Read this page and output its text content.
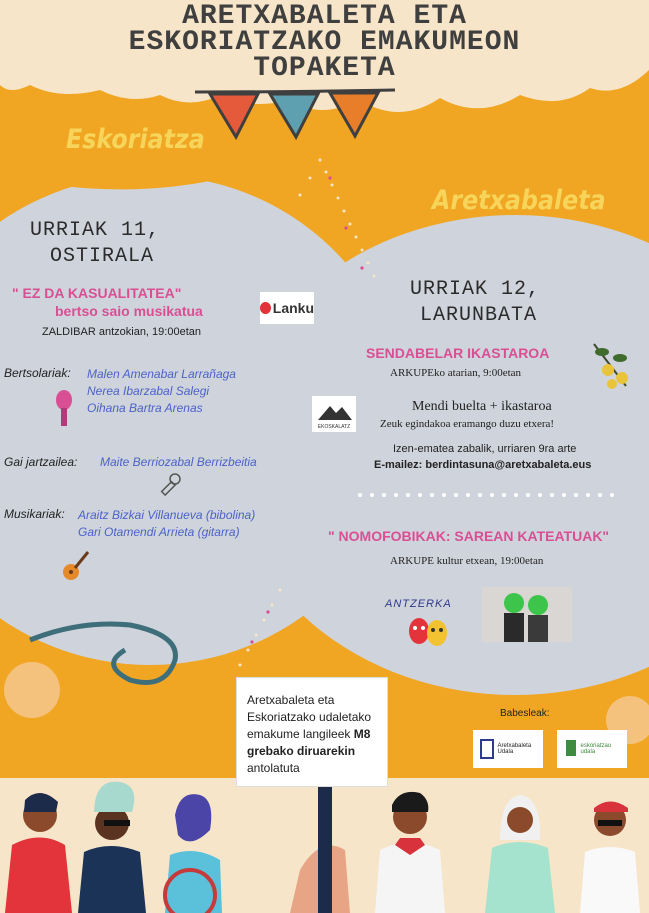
ARETXABALETA ETA
ESKORIATZAKO EMAKUMEON
TOPAKETA
Eskoriatza
Aretxabaleta
URRIAK 11,
OSTIRALA
" EZ DA KASUALITATEA"
bertso saio musikatua
ZALDIBAR antzokian, 19:00etan
Lanku
Bertsolariak: Malen Amenabar Larrañaga
Nerea Ibarzabal Salegi
Oihana Bartra Arenas
Gai jartzailea: Maite Berriozabal Berrizbeitia
Musikariak: Araitz Bizkai Villanueva (bibolina)
Gari Otamendi Arrieta (gitarra)
URRIAK 12,
LARUNBATA
SENDABELAR IKASTAROA
ARKUPEko atarian, 9:00etan
EKOSKALATZ
Mendi buelta + ikastaroa
Zeuk egindakoa eramango duzu etxera!
Izen-ematea zabalik, urriaren 9ra arte
E-mailez: berdintasuna@aretxabaleta.eus
" NOMOFOBIKAK: SAREAN KATEATUAK"
ARKUPE kultur etxean, 19:00etan
ANTZERKA
Aretxabaleta eta Eskoriatzako udaletako emakume langileek M8 grebako diruarekin antolatuta
Babesleak:
Aretxabaleta Udala
eskoriatzau udala
